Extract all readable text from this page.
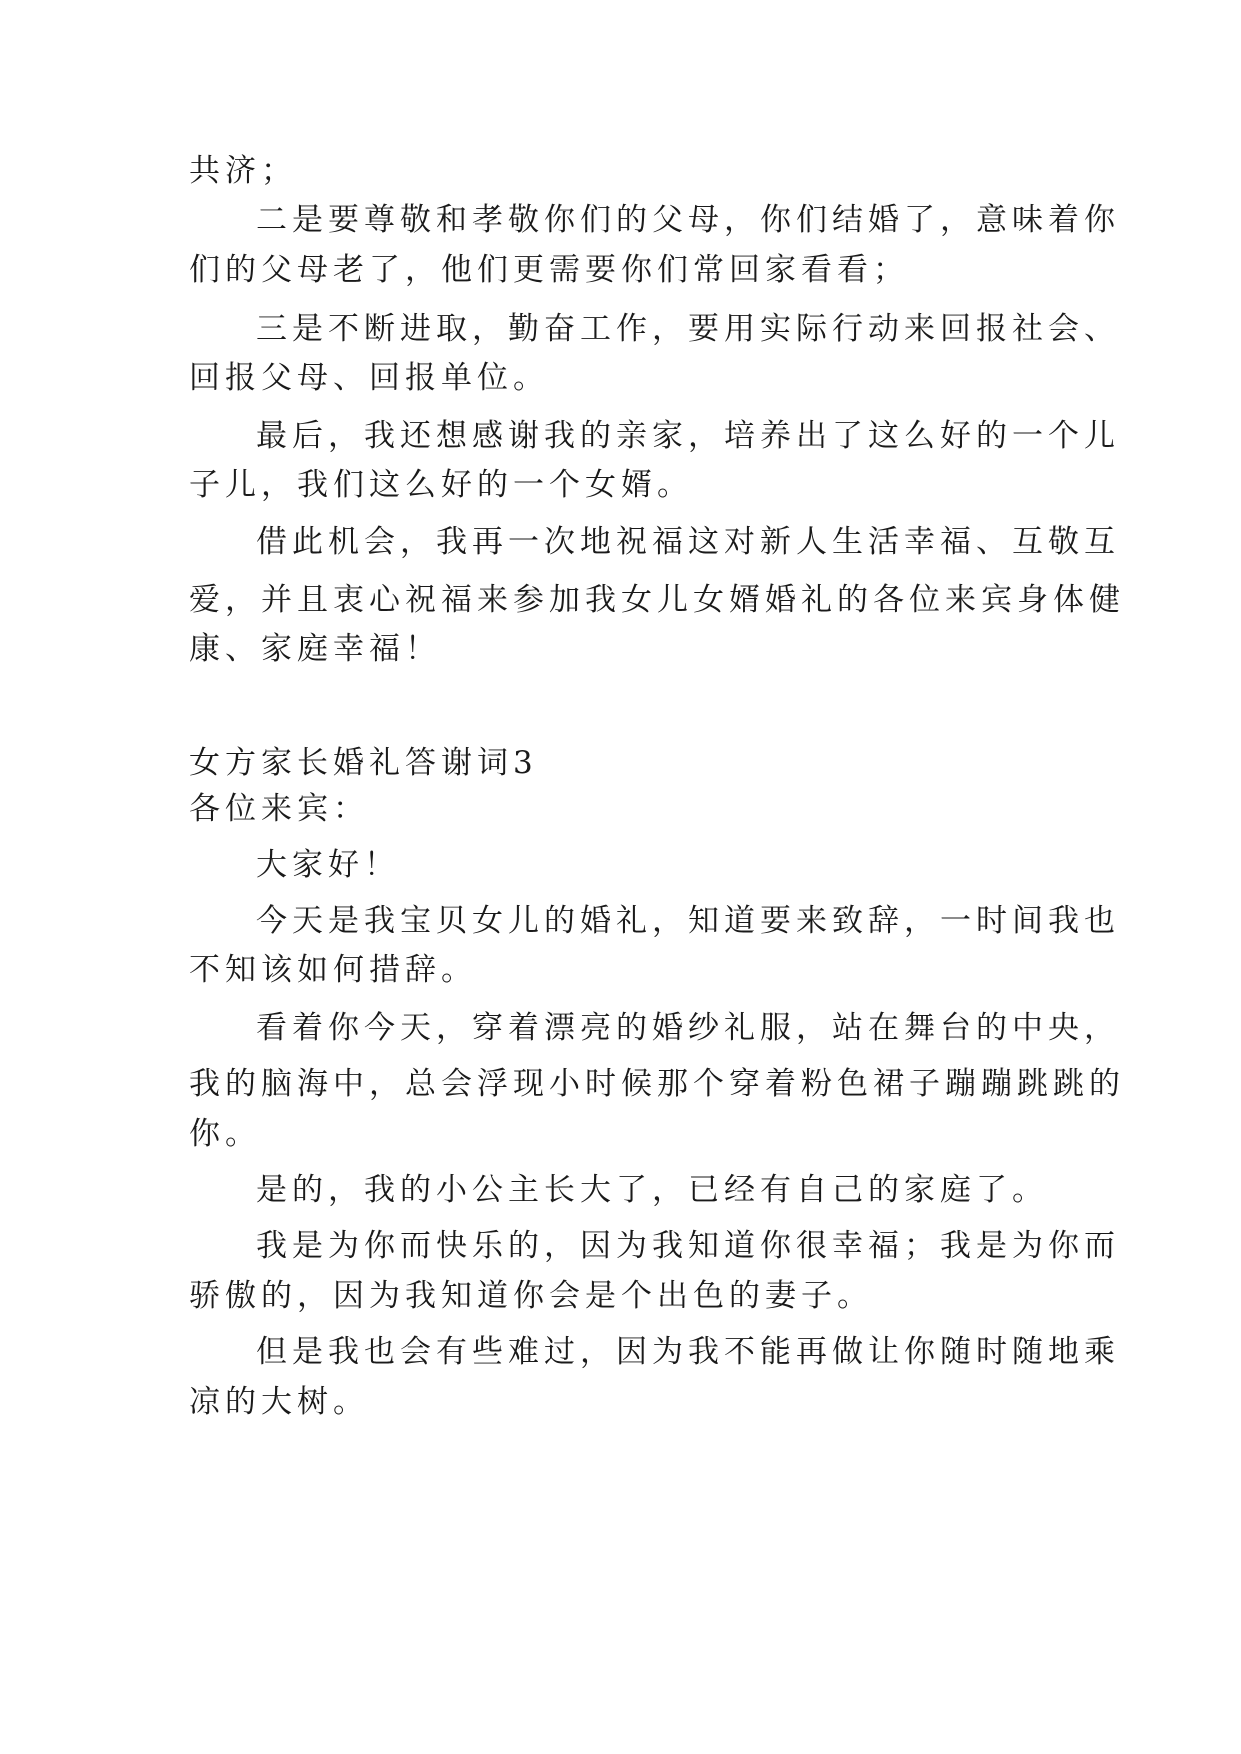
共济；
二是要尊敬和孝敬你们的父母，你们结婚了，意味着你
们的父母老了，他们更需要你们常回家看看；
三是不断进取，勤奋工作，要用实际行动来回报社会、
回报父母、回报单位。
最后，我还想感谢我的亲家，培养出了这么好的一个儿
子儿，我们这么好的一个女婿。
借此机会，我再一次地祝福这对新人生活幸福、互敬互
爱，并且衷心祝福来参加我女儿女婿婚礼的各位来宾身体健
康、家庭幸福！
女方家长婚礼答谢词3
各位来宾：
大家好！
今天是我宝贝女儿的婚礼，知道要来致辞，一时间我也
不知该如何措辞。
看着你今天，穿着漂亮的婚纱礼服，站在舞台的中央，
我的脑海中，总会浮现小时候那个穿着粉色裙子蹦蹦跳跳的
你。
是的，我的小公主长大了，已经有自己的家庭了。
我是为你而快乐的，因为我知道你很幸福；我是为你而
骄傲的，因为我知道你会是个出色的妻子。
但是我也会有些难过，因为我不能再做让你随时随地乘
凉的大树。
